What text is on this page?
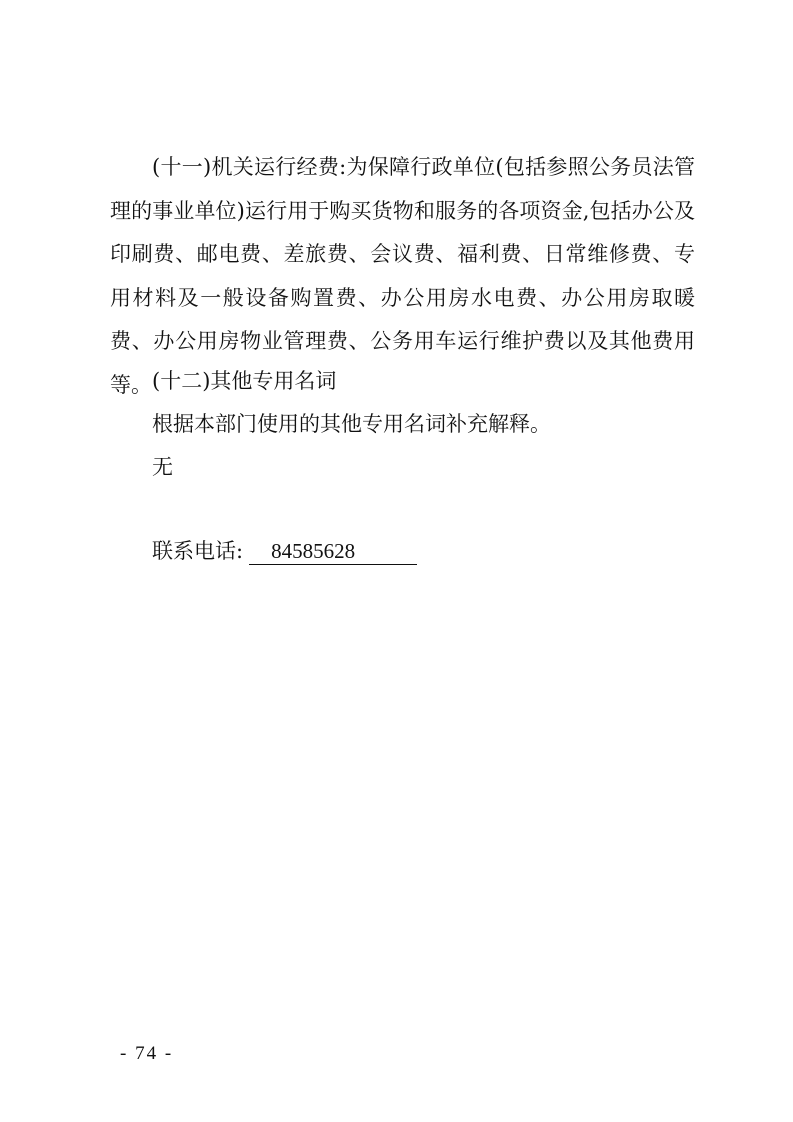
(十一)机关运行经费:为保障行政单位(包括参照公务员法管理的事业单位)运行用于购买货物和服务的各项资金,包括办公及印刷费、邮电费、差旅费、会议费、福利费、日常维修费、专用材料及一般设备购置费、办公用房水电费、办公用房取暖费、办公用房物业管理费、公务用车运行维护费以及其他费用等。 (十二)其他专用名词

根据本部门使用的其他专用名词补充解释。

无

联系电话:	84585628
- 74 -
